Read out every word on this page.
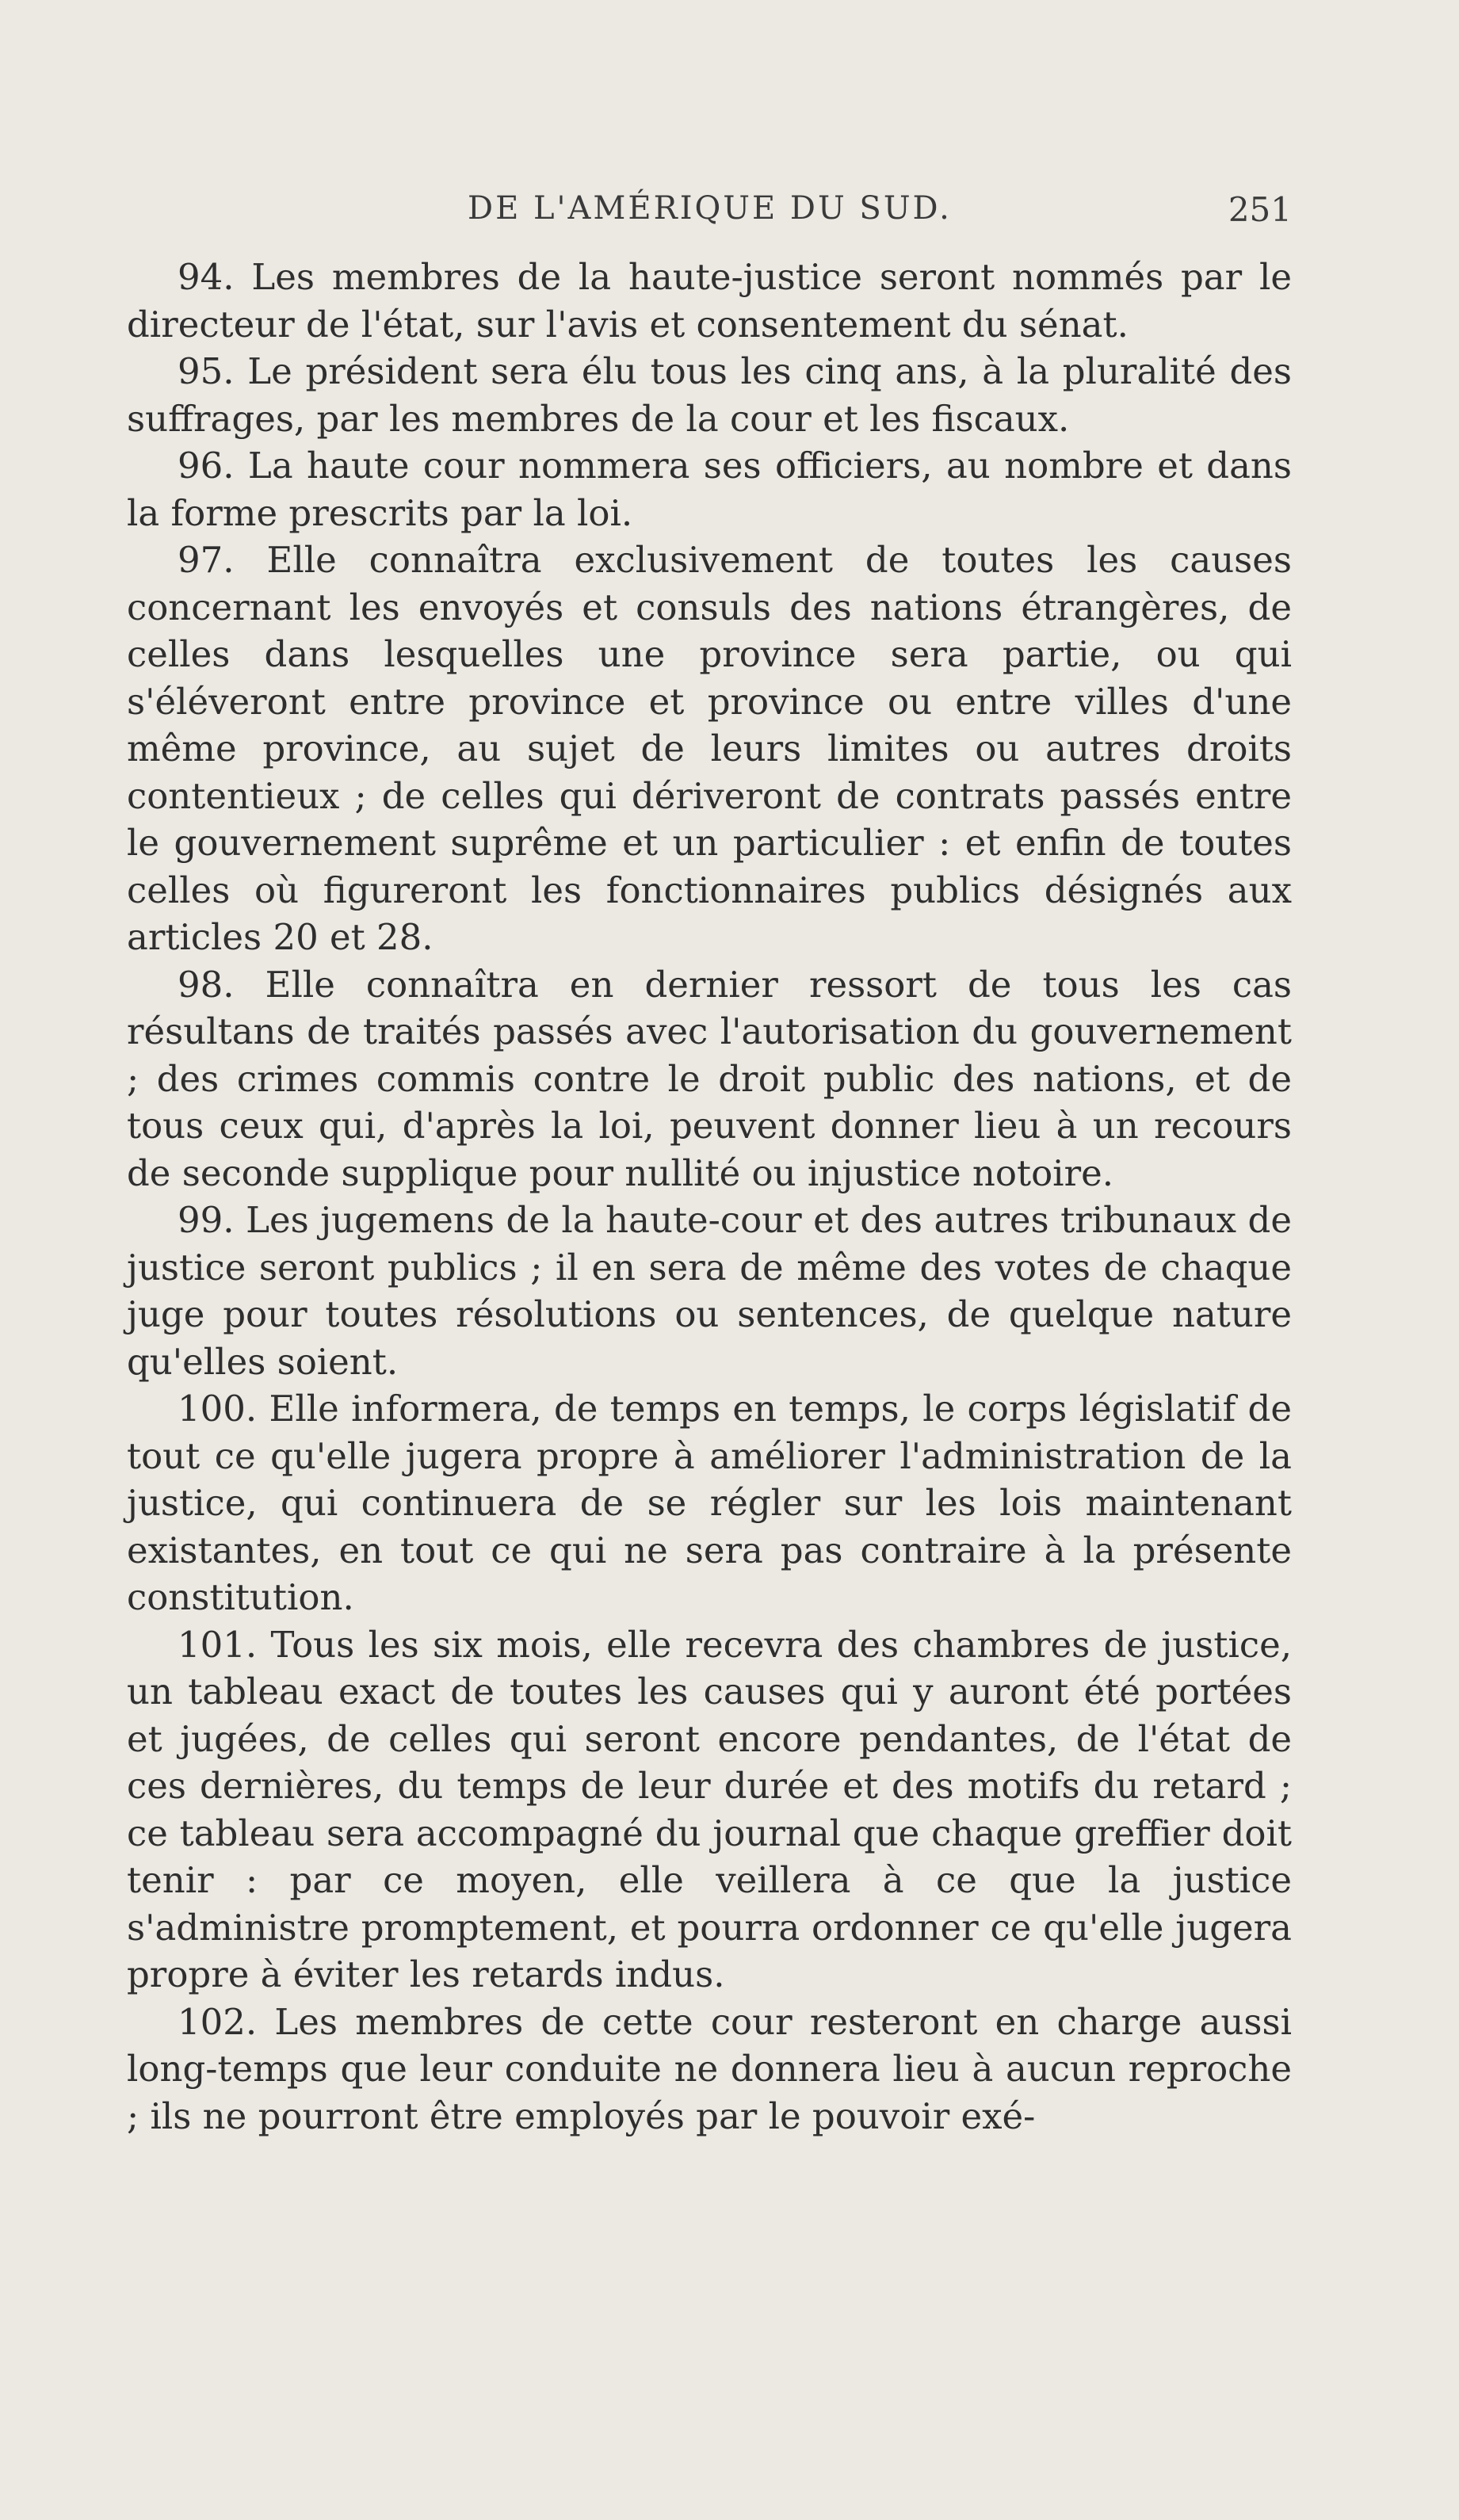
DE L'AMÉRIQUE DU SUD.	251

94. Les membres de la haute-justice seront nommés par le directeur de l'état, sur l'avis et consentement du sénat.

95. Le président sera élu tous les cinq ans, à la pluralité des suffrages, par les membres de la cour et les fiscaux.

96. La haute cour nommera ses officiers, au nombre et dans la forme prescrits par la loi.

97. Elle connaîtra exclusivement de toutes les causes concernant les envoyés et consuls des nations étrangères, de celles dans lesquelles une province sera partie, ou qui s'éléveront entre province et province ou entre villes d'une même province, au sujet de leurs limites ou autres droits contentieux ; de celles qui dériveront de contrats passés entre le gouvernement suprême et un particulier : et enfin de toutes celles où figureront les fonctionnaires publics désignés aux articles 20 et 28.

98. Elle connaîtra en dernier ressort de tous les cas résultans de traités passés avec l'autorisation du gouvernement ; des crimes commis contre le droit public des nations, et de tous ceux qui, d'après la loi, peuvent donner lieu à un recours de seconde supplique pour nullité ou injustice notoire.

99. Les jugemens de la haute-cour et des autres tribunaux de justice seront publics ; il en sera de même des votes de chaque juge pour toutes résolutions ou sentences, de quelque nature qu'elles soient.

100. Elle informera, de temps en temps, le corps législatif de tout ce qu'elle jugera propre à améliorer l'administration de la justice, qui continuera de se régler sur les lois maintenant existantes, en tout ce qui ne sera pas contraire à la présente constitution.

101. Tous les six mois, elle recevra des chambres de justice, un tableau exact de toutes les causes qui y auront été portées et jugées, de celles qui seront encore pendantes, de l'état de ces dernières, du temps de leur durée et des motifs du retard ; ce tableau sera accompagné du journal que chaque greffier doit tenir : par ce moyen, elle veillera à ce que la justice s'administre promptement, et pourra ordonner ce qu'elle jugera propre à éviter les retards indus.

102. Les membres de cette cour resteront en charge aussi long-temps que leur conduite ne donnera lieu à aucun reproche ; ils ne pourront être employés par le pouvoir exé-
